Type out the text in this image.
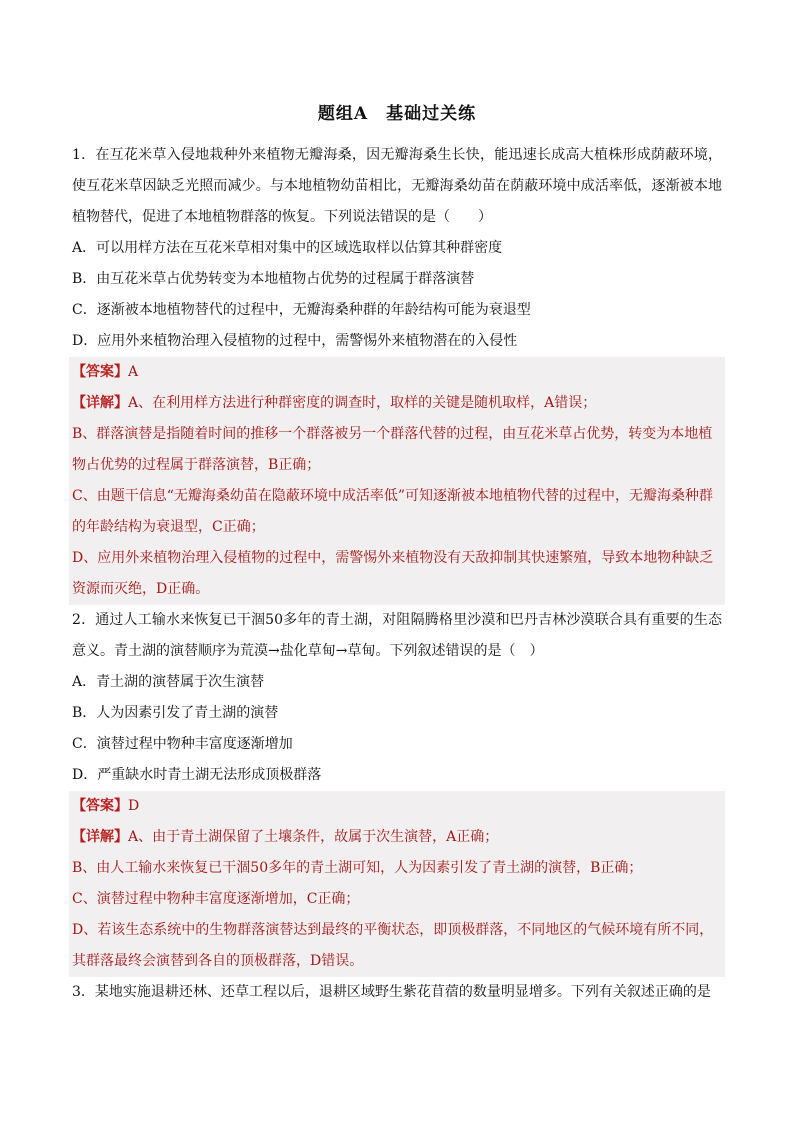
题组A　基础过关练

1．在互花米草入侵地栽种外来植物无瓣海桑，因无瓣海桑生长快，能迅速长成高大植株形成荫蔽环境，使互花米草因缺乏光照而减少。与本地植物幼苗相比，无瓣海桑幼苗在荫蔽环境中成活率低，逐渐被本地植物替代，促进了本地植物群落的恢复。下列说法错误的是（　　）

A．可以用样方法在互花米草相对集中的区域选取样以估算其种群密度

B．由互花米草占优势转变为本地植物占优势的过程属于群落演替

C．逐渐被本地植物替代的过程中，无瓣海桑种群的年龄结构可能为衰退型

D．应用外来植物治理入侵植物的过程中，需警惕外来植物潜在的入侵性

【答案】A

【详解】A、在利用样方法进行种群密度的调查时，取样的关键是随机取样，A错误；

B、群落演替是指随着时间的推移一个群落被另一个群落代替的过程，由互花米草占优势，转变为本地植物占优势的过程属于群落演替，B正确；

C、由题干信息“无瓣海桑幼苗在隐蔽环境中成活率低”可知逐渐被本地植物代替的过程中，无瓣海桑种群的年龄结构为衰退型，C正确；

D、应用外来植物治理入侵植物的过程中，需警惕外来植物没有天敌抑制其快速繁殖，导致本地物种缺乏资源而灭绝，D正确。

2．通过人工输水来恢复已干涸50多年的青土湖，对阻隔腾格里沙漠和巴丹吉林沙漠联合具有重要的生态意义。青土湖的演替顺序为荒漠→盐化草甸→草甸。下列叙述错误的是（　）

A．青土湖的演替属于次生演替

B．人为因素引发了青土湖的演替

C．演替过程中物种丰富度逐渐增加

D．严重缺水时青土湖无法形成顶极群落

【答案】D

【详解】A、由于青土湖保留了土壤条件，故属于次生演替，A正确；

B、由人工输水来恢复已干涸50多年的青土湖可知，人为因素引发了青土湖的演替，B正确；

C、演替过程中物种丰富度逐渐增加，C正确；

D、若该生态系统中的生物群落演替达到最终的平衡状态，即顶极群落，不同地区的气候环境有所不同，其群落最终会演替到各自的顶极群落，D错误。

3．某地实施退耕还林、还草工程以后，退耕区域野生紫花苜蓿的数量明显增多。下列有关叙述正确的是
